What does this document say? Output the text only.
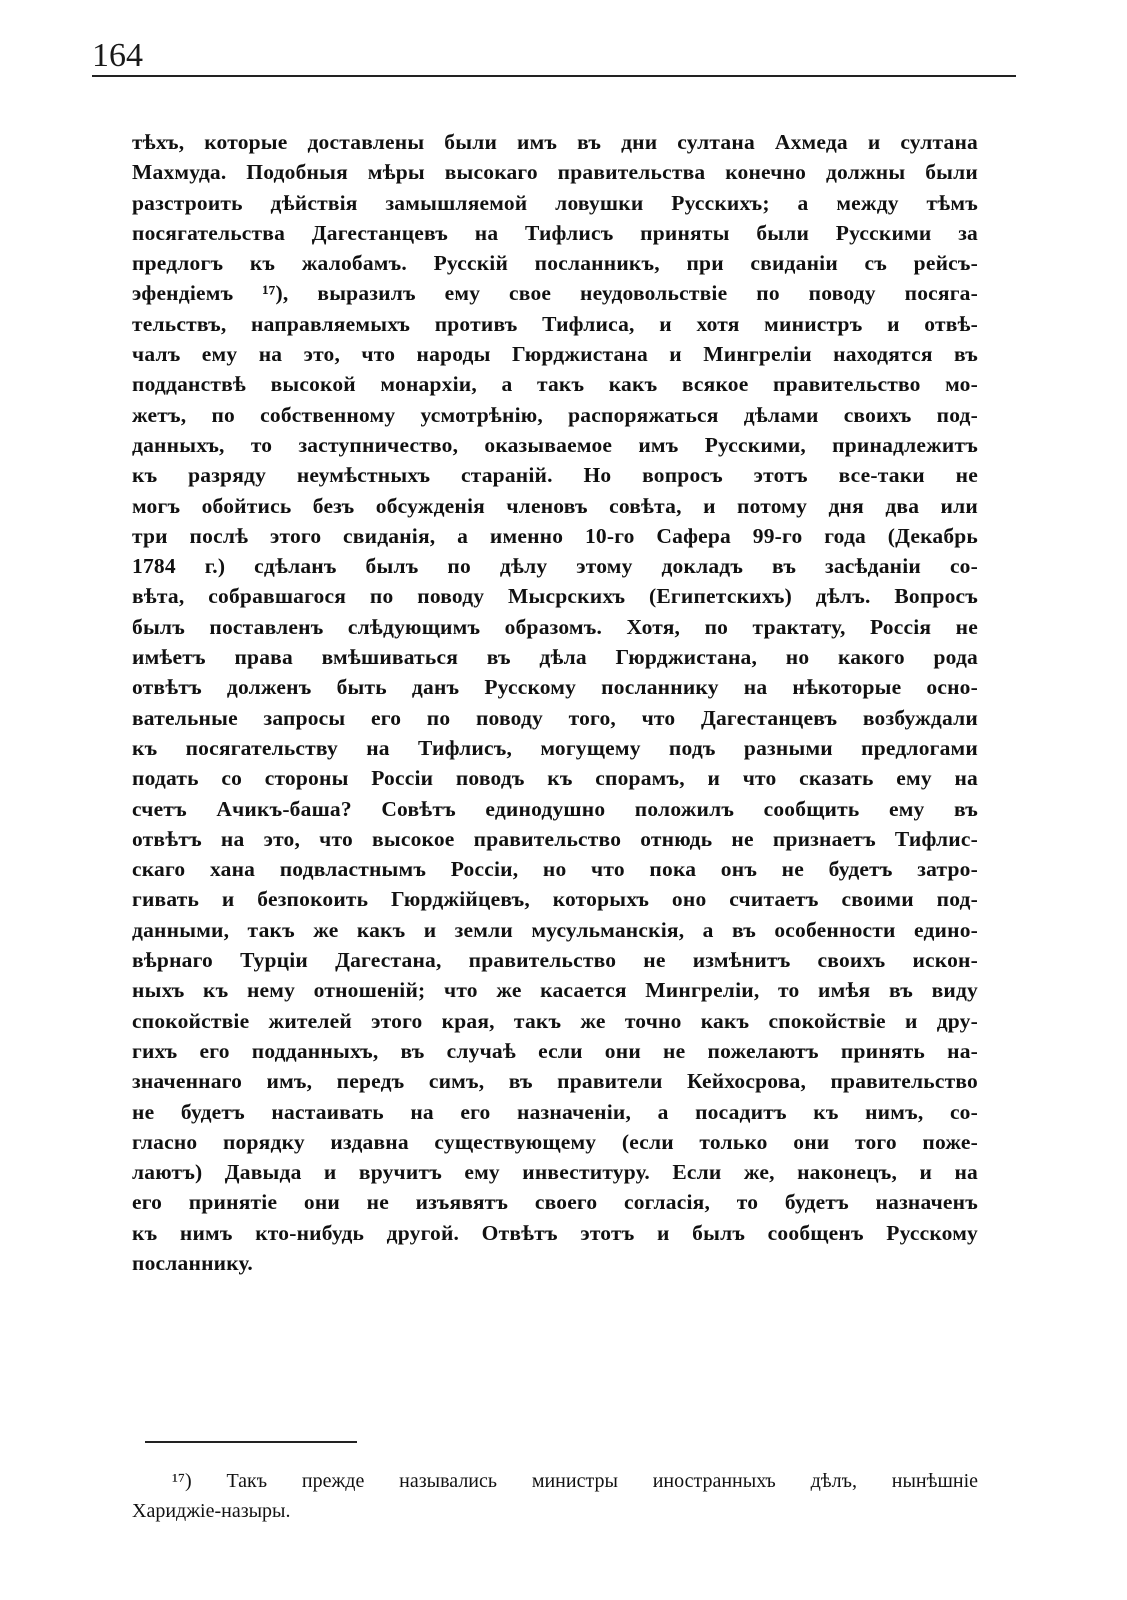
164
тѣхъ, которые доставлены были имъ въ дни султана Ахмеда и султана
Махмуда. Подобныя мѣры высокаго правительства конечно должны были
разстроить дѣйствія замышляемой ловушки Русскихъ; а между тѣмъ
посягательства Дагестанцевъ на Тифлисъ приняты были Русскими за
предлогъ къ жалобамъ. Русскій посланникъ, при свиданіи съ рейсъ-
эфендіемъ ¹⁷), выразилъ ему свое неудовольствіе по поводу посяга-
тельствъ, направляемыхъ противъ Тифлиса, и хотя министръ и отвѣ-
чалъ ему на это, что народы Гюрджистана и Мингреліи находятся въ
подданствѣ высокой монархіи, а такъ какъ всякое правительство мо-
жетъ, по собственному усмотрѣнію, распоряжаться дѣлами своихъ под-
данныхъ, то заступничество, оказываемое имъ Русскими, принадлежитъ
къ разряду неумѣстныхъ стараній. Но вопросъ этотъ все-таки не
могъ обойтись безъ обсужденія членовъ совѣта, и потому дня два или
три послѣ этого свиданія, а именно 10-го Сафера 99-го года (Декабрь
1784 г.) сдѣланъ былъ по дѣлу этому докладъ въ засѣданіи со-
вѣта, собравшагося по поводу Мысрскихъ (Египетскихъ) дѣлъ. Вопросъ
былъ поставленъ слѣдующимъ образомъ. Хотя, по трактату, Россія не
имѣетъ права вмѣшиваться въ дѣла Гюрджистана, но какого рода
отвѣтъ долженъ быть данъ Русскому посланнику на нѣкоторые осно-
вательные запросы его по поводу того, что Дагестанцевъ возбуждали
къ посягательству на Тифлисъ, могущему подъ разными предлогами
подать со стороны Россіи поводъ къ спорамъ, и что сказать ему на
счетъ Ачикъ-баша? Совѣтъ единодушно положилъ сообщить ему въ
отвѣтъ на это, что высокое правительство отнюдь не признаетъ Тифлис-
скаго хана подвластнымъ Россіи, но что пока онъ не будетъ затро-
гивать и безпокоить Гюрджійцевъ, которыхъ оно считаетъ своими под-
данными, такъ же какъ и земли мусульманскія, а въ особенности едино-
вѣрнаго Турціи Дагестана, правительство не измѣнитъ своихъ искон-
ныхъ къ нему отношеній; что же касается Мингреліи, то имѣя въ виду
спокойствіе жителей этого края, такъ же точно какъ спокойствіе и дру-
гихъ его подданныхъ, въ случаѣ если они не пожелаютъ принять на-
значеннаго имъ, передъ симъ, въ правители Кейхосрова, правительство
не будетъ настаивать на его назначеніи, а посадитъ къ нимъ, со-
гласно порядку издавна существующему (если только они того поже-
лаютъ) Давыда и вручитъ ему инвеституру. Если же, наконецъ, и на
его принятіе они не изъявятъ своего согласія, то будетъ назначенъ
къ нимъ кто-нибудь другой. Отвѣтъ этотъ и былъ сообщенъ Русскому
посланнику.
¹⁷) Такъ прежде назывались министры иностранныхъ дѣлъ, нынѣшніе
Хариджіе-назыры.
